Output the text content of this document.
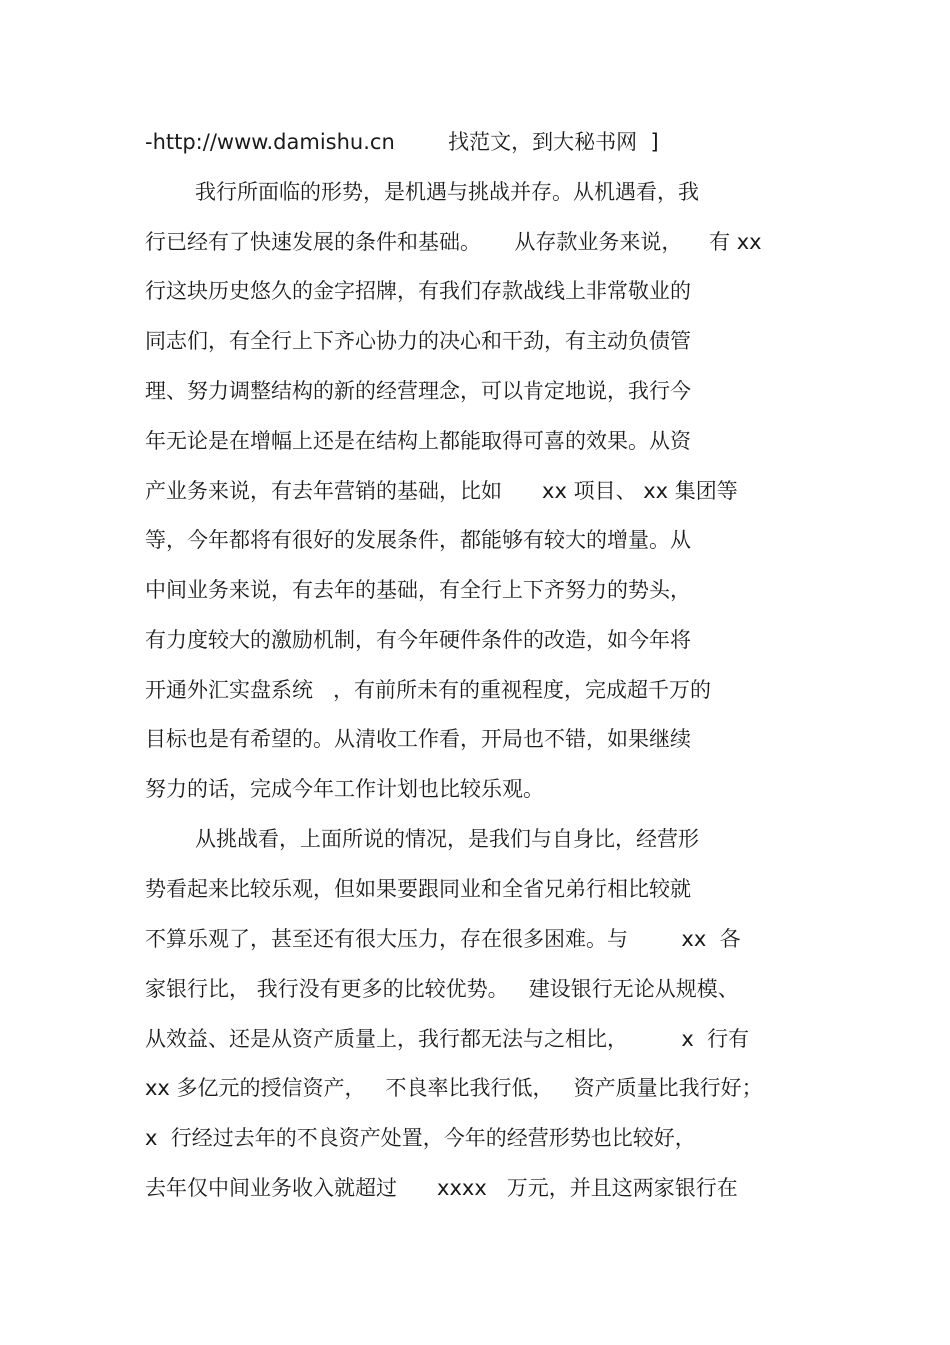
-http://www.damishu.cn        找范文，到大秘书网  ]

我行所面临的形势，是机遇与挑战并存。从机遇看，我

行已经有了快速发展的条件和基础。     从存款业务来说，    有 xx

行这块历史悠久的金字招牌，有我们存款战线上非常敬业的

同志们，有全行上下齐心协力的决心和干劲，有主动负债管

理、努力调整结构的新的经营理念，可以肯定地说，我行今

年无论是在增幅上还是在结构上都能取得可喜的效果。从资

产业务来说，有去年营销的基础，比如      xx 项目、 xx 集团等

等，今年都将有很好的发展条件，都能够有较大的增量。从

中间业务来说，有去年的基础，有全行上下齐努力的势头，

有力度较大的激励机制，有今年硬件条件的改造，如今年将

开通外汇实盘系统   ，有前所未有的重视程度，完成超千万的

目标也是有希望的。从清收工作看，开局也不错，如果继续

努力的话，完成今年工作计划也比较乐观。

从挑战看，上面所说的情况，是我们与自身比，经营形

势看起来比较乐观，但如果要跟同业和全省兄弟行相比较就

不算乐观了，甚至还有很大压力，存在很多困难。与        xx  各

家银行比， 我行没有更多的比较优势。   建设银行无论从规模、

从效益、还是从资产质量上，我行都无法与之相比，        x  行有

xx 多亿元的授信资产，   不良率比我行低，   资产质量比我行好；

x  行经过去年的不良资产处置，今年的经营形势也比较好，

去年仅中间业务收入就超过      xxxx   万元，并且这两家银行在
